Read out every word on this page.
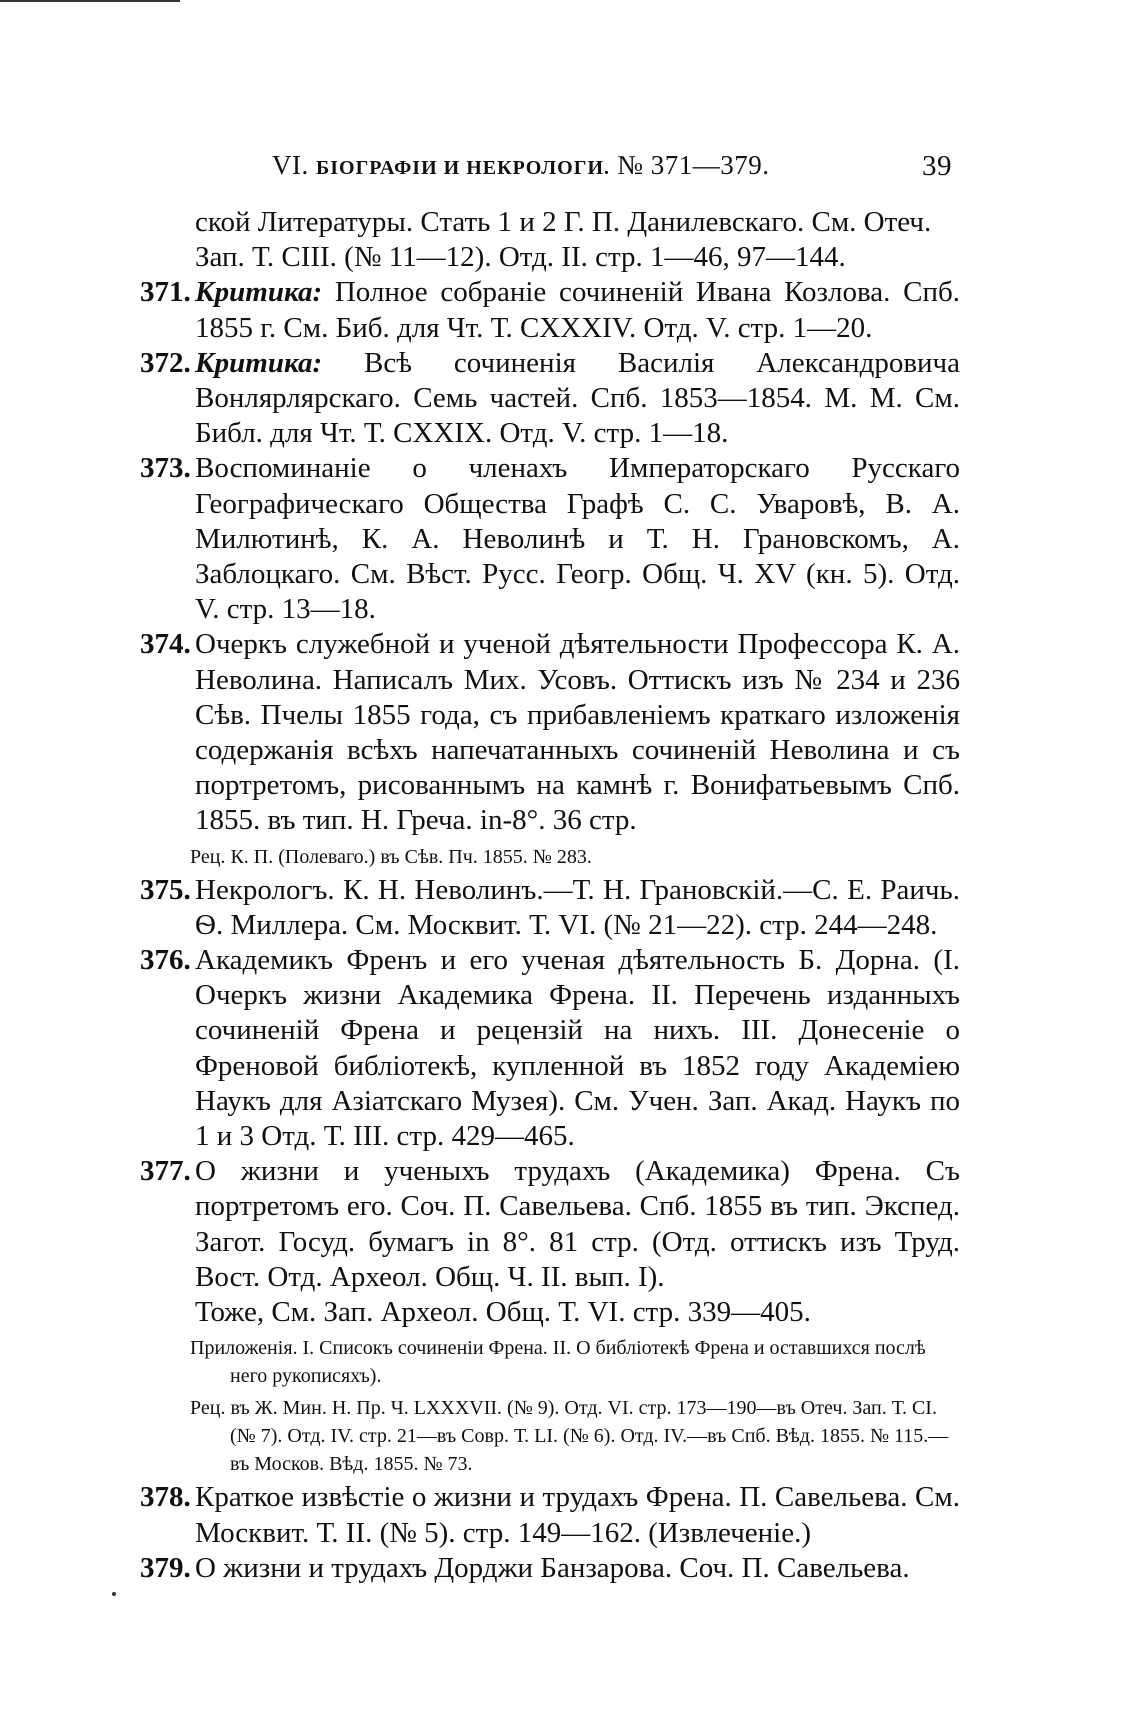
VI. БІОГРАФІИ И НЕКРОЛОГИ. № 371—379.	39

ской Литературы. Стать 1 и 2 Г. П. Данилевскаго. См. Отеч. Зап. Т. CIII. (№ 11—12). Отд. II. стр. 1—46, 97—144.

371. Критика: Полное собраніе сочиненій Ивана Козлова. Спб. 1855 г. См. Биб. для Чт. Т. CXXXIV. Отд. V. стр. 1—20.
372. Критика: Всѣ сочиненія Василія Александровича Вонлярлярскаго. Семь частей. Спб. 1853—1854. М. М. См. Библ. для Чт. Т. CXXIX. Отд. V. стр. 1—18.
373. Воспоминаніе о членахъ Императорскаго Русскаго Географическаго Общества Графѣ С. С. Уваровѣ, В. А. Милютинѣ, К. А. Неволинѣ и Т. Н. Грановскомъ, А. Заблоцкаго. См. Вѣст. Русс. Геогр. Общ. Ч. XV (кн. 5). Отд. V. стр. 13—18.
374. Очеркъ служебной и ученой дѣятельности Профессора К. А. Неволина. Написалъ Мих. Усовъ. Оттискъ изъ № 234 и 236 Сѣв. Пчелы 1855 года, съ прибавленіемъ краткаго изложенія содержанія всѣхъ напечатанныхъ сочиненій Неволина и съ портретомъ, рисованнымъ на камнѣ г. Вонифатьевымъ Спб. 1855. въ тип. Н. Греча. in-8°. 36 стр.
Рец. К. П. (Полеваго.) въ Сѣв. Пч. 1855. № 283.
375. Некрологъ. К. Н. Неволинъ.—Т. Н. Грановскій.—С. Е. Раичь. Ѳ. Миллера. См. Москвит. Т. VI. (№ 21—22). стр. 244—248.
376. Академикъ Френъ и его ученая дѣятельность Б. Дорна. (I. Очеркъ жизни Академика Френа. II. Перечень изданныхъ сочиненій Френа и рецензій на нихъ. III. Донесеніе о Френовой библіотекѣ, купленной въ 1852 году Академіею Наукъ для Азіатскаго Музея). См. Учен. Зап. Акад. Наукъ по 1 и 3 Отд. Т. III. стр. 429—465.
377. О жизни и ученыхъ трудахъ (Академика) Френа. Съ портретомъ его. Соч. П. Савельева. Спб. 1855 въ тип. Экспед. Загот. Госуд. бумагъ in 8°. 81 стр. (Отд. оттискъ изъ Труд. Вост. Отд. Археол. Общ. Ч. II. вып. I).

Тоже, См. Зап. Археол. Общ. Т. VI. стр. 339—405.

Приложенія. I. Списокъ сочиненіи Френа. II. О библіотекѣ Френа и оставшихся послѣ него рукописяхъ).
Рец. въ Ж. Мин. Н. Пр. Ч. LXXXVII. (№ 9). Отд. VI. стр. 173—190—въ Отеч. Зап. Т. CI. (№ 7). Отд. IV. стр. 21—въ Совр. Т. LI. (№ 6). Отд. IV.—въ Спб. Вѣд. 1855. № 115.—въ Москов. Вѣд. 1855. № 73.
378. Краткое извѣстіе о жизни и трудахъ Френа. П. Савельева. См. Москвит. Т. II. (№ 5). стр. 149—162. (Извлеченіе.)
379. О жизни и трудахъ Дорджи Банзарова. Соч. П. Савельева.
